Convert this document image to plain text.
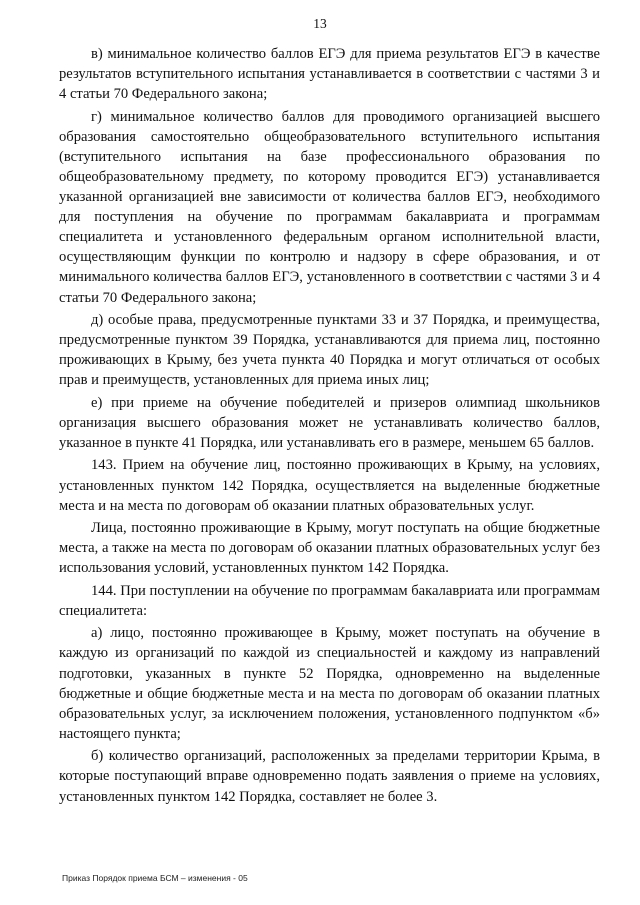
13

в) минимальное количество баллов ЕГЭ для приема результатов ЕГЭ в качестве результатов вступительного испытания устанавливается в соответствии с частями 3 и 4 статьи 70 Федерального закона;

г) минимальное количество баллов для проводимого организацией высшего образования самостоятельно общеобразовательного вступительного испытания (вступительного испытания на базе профессионального образования по общеобразовательному предмету, по которому проводится ЕГЭ) устанавливается указанной организацией вне зависимости от количества баллов ЕГЭ, необходимого для поступления на обучение по программам бакалавриата и программам специалитета и установленного федеральным органом исполнительной власти, осуществляющим функции по контролю и надзору в сфере образования, и от минимального количества баллов ЕГЭ, установленного в соответствии с частями 3 и 4 статьи 70 Федерального закона;

д) особые права, предусмотренные пунктами 33 и 37 Порядка, и преимущества, предусмотренные пунктом 39 Порядка, устанавливаются для приема лиц, постоянно проживающих в Крыму, без учета пункта 40 Порядка и могут отличаться от особых прав и преимуществ, установленных для приема иных лиц;

е) при приеме на обучение победителей и призеров олимпиад школьников организация высшего образования может не устанавливать количество баллов, указанное в пункте 41 Порядка, или устанавливать его в размере, меньшем 65 баллов.

143. Прием на обучение лиц, постоянно проживающих в Крыму, на условиях, установленных пунктом 142 Порядка, осуществляется на выделенные бюджетные места и на места по договорам об оказании платных образовательных услуг.

Лица, постоянно проживающие в Крыму, могут поступать на общие бюджетные места, а также на места по договорам об оказании платных образовательных услуг без использования условий, установленных пунктом 142 Порядка.

144. При поступлении на обучение по программам бакалавриата или программам специалитета:

а) лицо, постоянно проживающее в Крыму, может поступать на обучение в каждую из организаций по каждой из специальностей и каждому из направлений подготовки, указанных в пункте 52 Порядка, одновременно на выделенные бюджетные и общие бюджетные места и на места по договорам об оказании платных образовательных услуг, за исключением положения, установленного подпунктом «б» настоящего пункта;

б) количество организаций, расположенных за пределами территории Крыма, в которые поступающий вправе одновременно подать заявления о приеме на условиях, установленных пунктом 142 Порядка, составляет не более 3.

Приказ Порядок приема БСМ – изменения - 05
